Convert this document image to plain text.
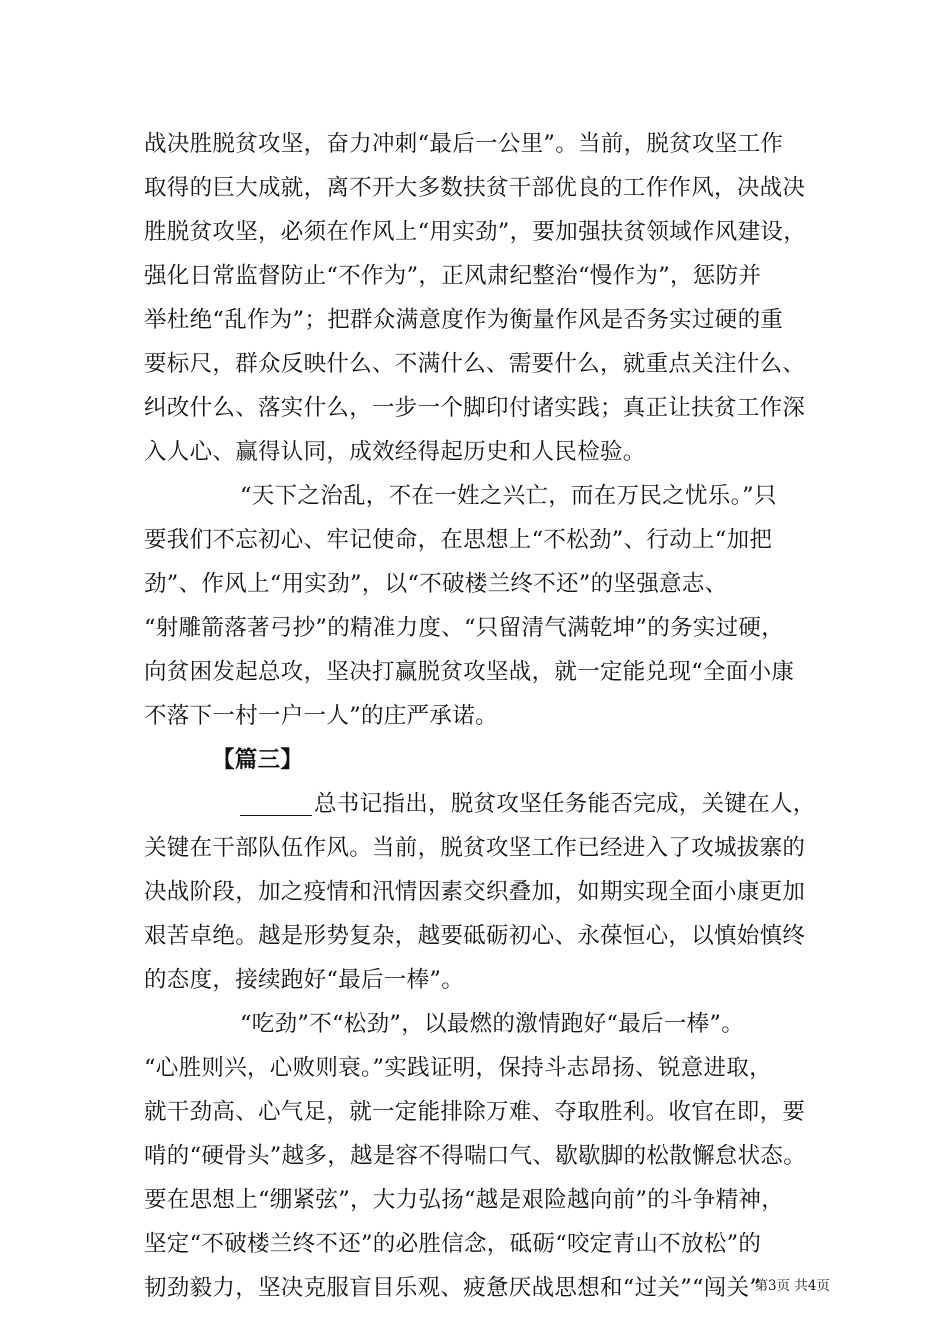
战决胜脱贫攻坚，奋力冲刺“最后一公里”。当前，脱贫攻坚工作
取得的巨大成就，离不开大多数扶贫干部优良的工作作风，决战决
胜脱贫攻坚，必须在作风上“用实劲”，要加强扶贫领域作风建设，
强化日常监督防止“不作为”，正风肃纪整治“慢作为”，惩防并
举杜绝“乱作为”；把群众满意度作为衡量作风是否务实过硬的重
要标尺，群众反映什么、不满什么、需要什么，就重点关注什么、
纠改什么、落实什么，一步一个脚印付诸实践；真正让扶贫工作深
入人心、赢得认同，成效经得起历史和人民检验。
“天下之治乱，不在一姓之兴亡，而在万民之忧乐。”只
要我们不忘初心、牢记使命，在思想上“不松劲”、行动上“加把
劲”、作风上“用实劲”，以“不破楼兰终不还”的坚强意志、
“射雕箭落著弓抄”的精准力度、“只留清气满乾坤”的务实过硬，
向贫困发起总攻，坚决打赢脱贫攻坚战，就一定能兑现“全面小康
不落下一村一户一人”的庄严承诺。
【篇三】
总书记指出，脱贫攻坚任务能否完成，关键在人，
关键在干部队伍作风。当前，脱贫攻坚工作已经进入了攻城拔寨的
决战阶段，加之疫情和汛情因素交织叠加，如期实现全面小康更加
艰苦卓绝。越是形势复杂，越要砥砺初心、永葆恒心，以慎始慎终
的态度，接续跑好“最后一棒”。
“吃劲”不“松劲”，以最燃的激情跑好“最后一棒”。
“心胜则兴，心败则衰。”实践证明，保持斗志昂扬、锐意进取，
就干劲高、心气足，就一定能排除万难、夺取胜利。收官在即，要
啃的“硬骨头”越多，越是容不得喘口气、歇歇脚的松散懈怠状态。
要在思想上“绷紧弦”，大力弘扬“越是艰险越向前”的斗争精神，
坚定“不破楼兰终不还”的必胜信念，砥砺“咬定青山不放松”的
韧劲毅力，坚决克服盲目乐观、疲惫厌战思想和“过关”“闯关”
第3页 共4页
